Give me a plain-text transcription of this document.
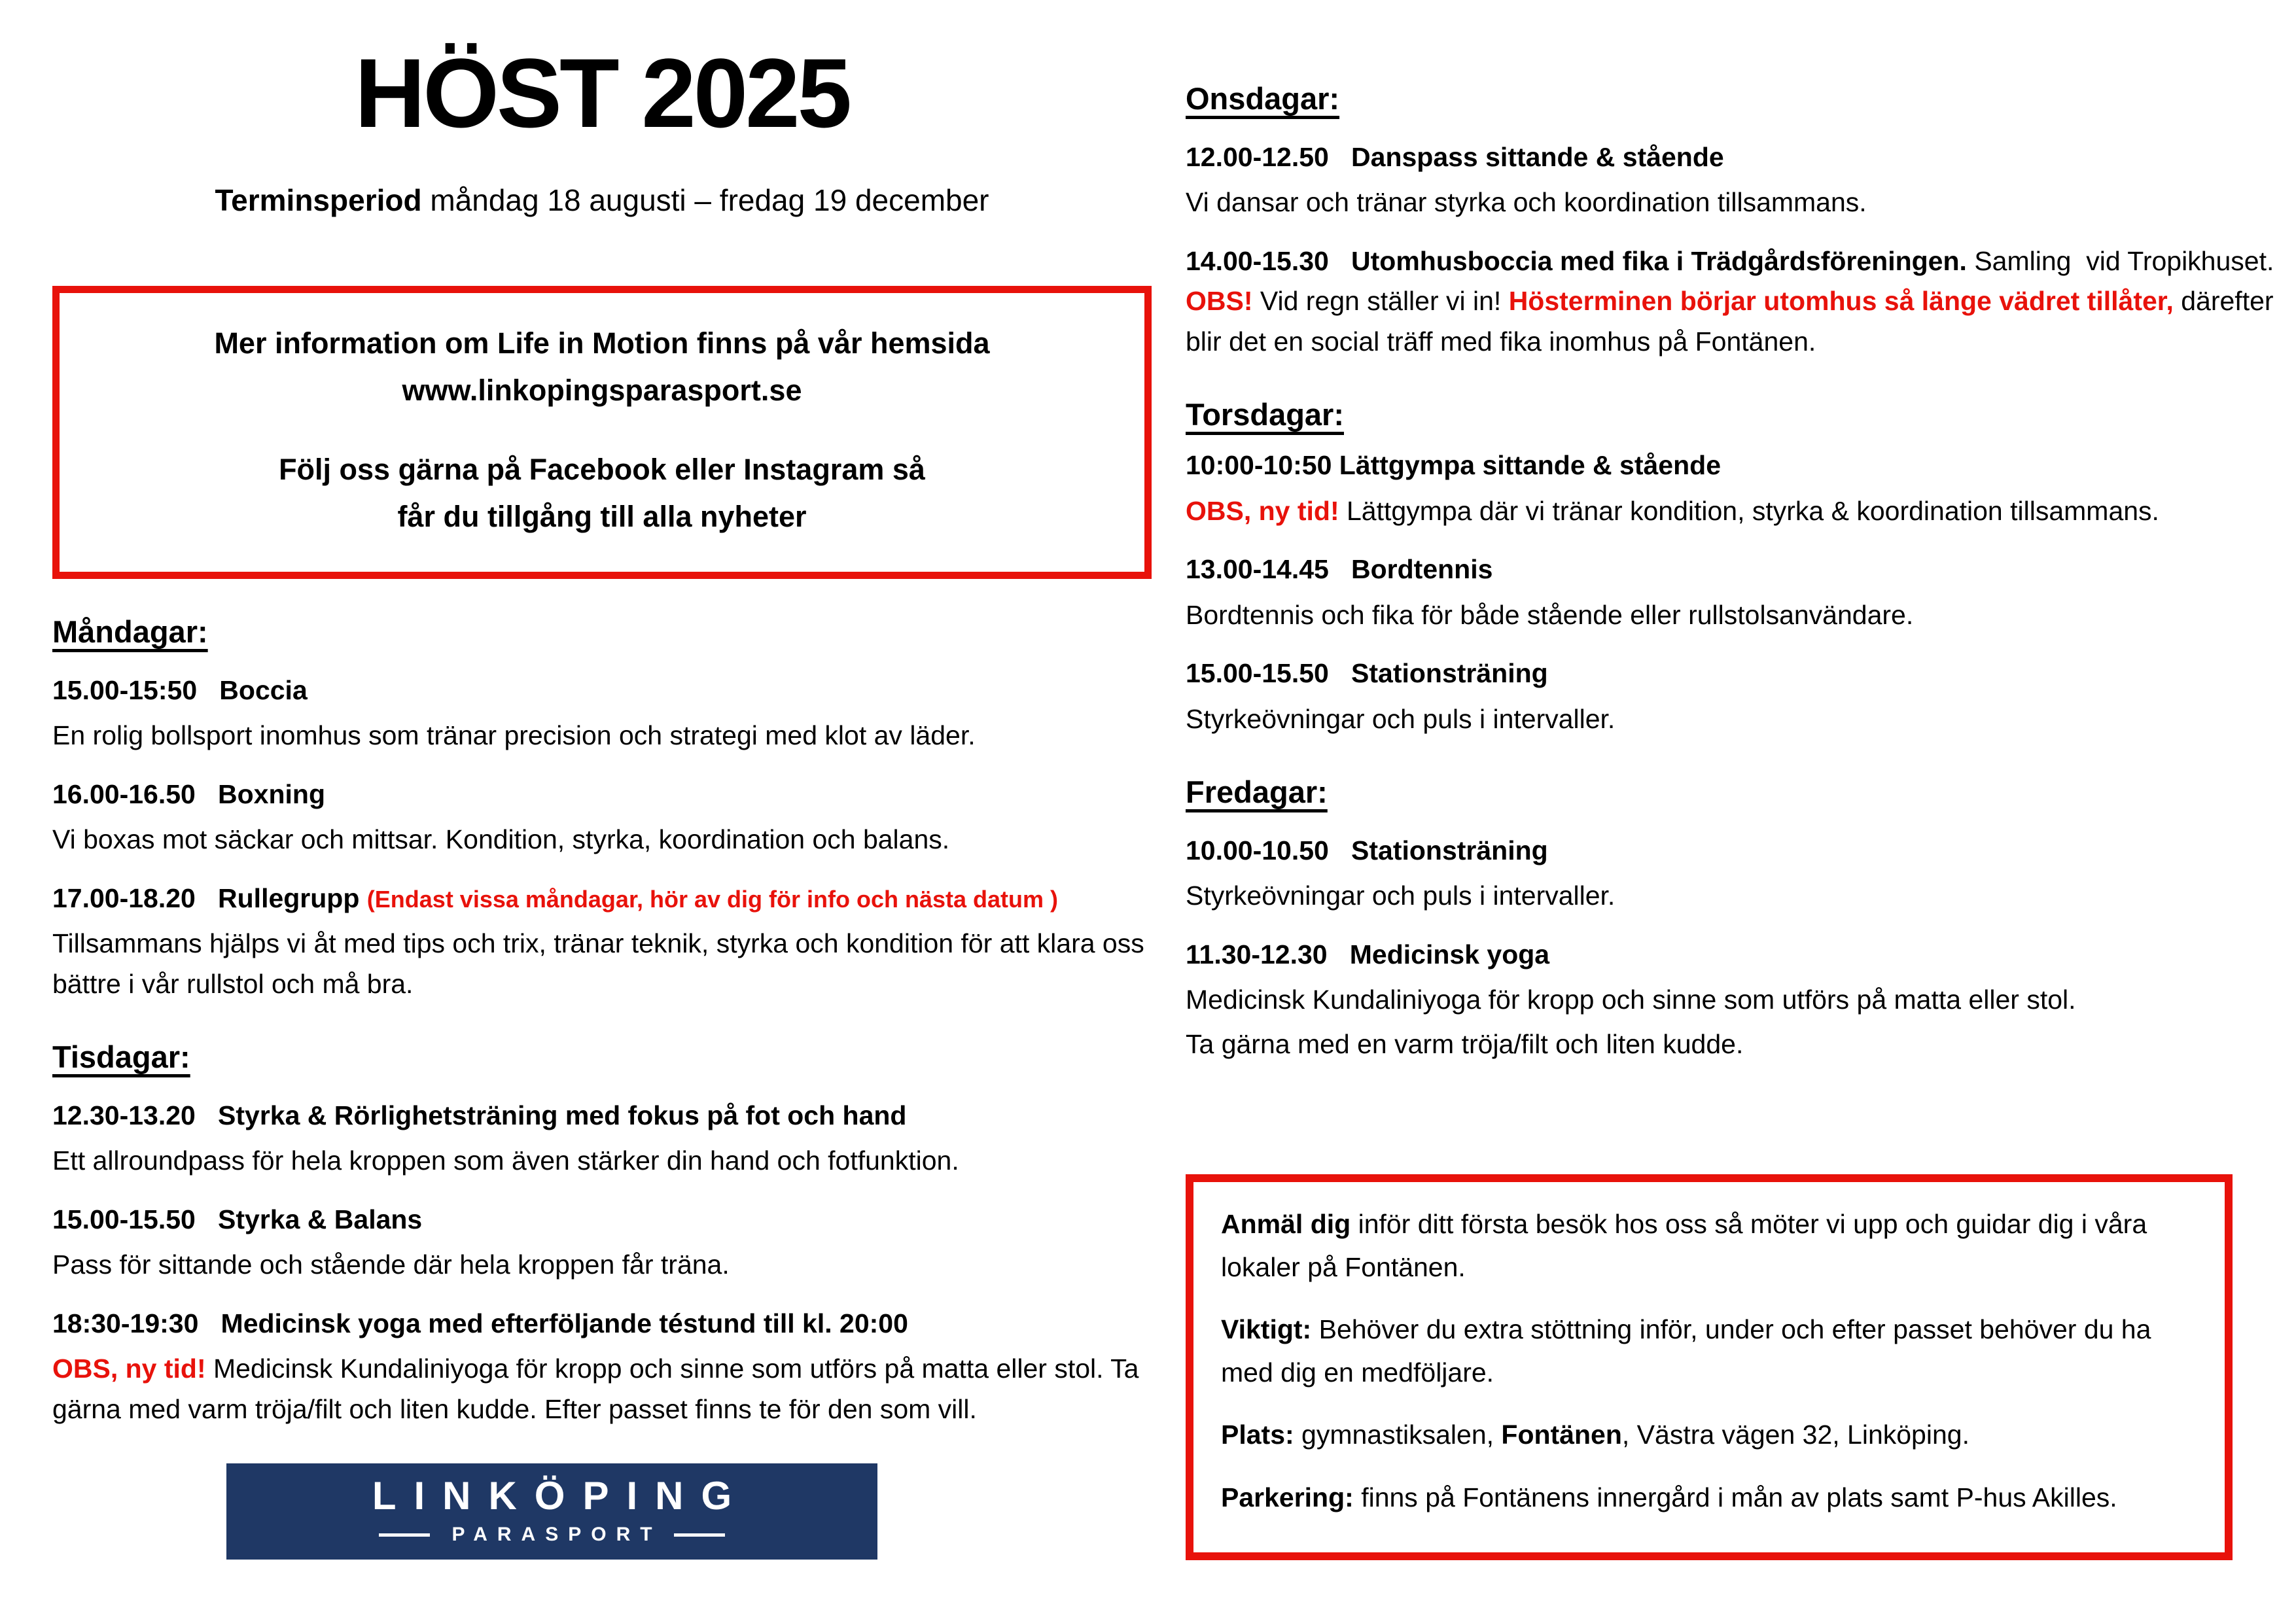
HÖST 2025

Terminsperiod måndag 18 augusti – fredag 19 december

Mer information om Life in Motion finns på vår hemsida

www.linkopingsparasport.se

Följ oss gärna på Facebook eller Instagram så

får du tillgång till alla nyheter

Måndagar:

15.00-15:50   Boccia

En rolig bollsport inomhus som tränar precision och strategi med klot av läder.

16.00-16.50   Boxning

Vi boxas mot säckar och mittsar. Kondition, styrka, koordination och balans.

17.00-18.20   Rullegrupp (Endast vissa måndagar, hör av dig för info och nästa datum )

Tillsammans hjälps vi åt med tips och trix, tränar teknik, styrka och kondition för att klara oss bättre i vår rullstol och må bra.

Tisdagar:

12.30-13.20   Styrka & Rörlighetsträning med fokus på fot och hand

Ett allroundpass för hela kroppen som även stärker din hand och fotfunktion.

15.00-15.50   Styrka & Balans

Pass för sittande och stående där hela kroppen får träna.

18:30-19:30   Medicinsk yoga med efterföljande téstund till kl. 20:00

OBS, ny tid! Medicinsk Kundaliniyoga för kropp och sinne som utförs på matta eller stol. Ta gärna med varm tröja/filt och liten kudde. Efter passet finns te för den som vill.

Onsdagar:

12.00-12.50   Danspass sittande & stående

Vi dansar och tränar styrka och koordination tillsammans.

14.00-15.30   Utomhusboccia med fika i Trädgårdsföreningen. Samling  vid Tropikhuset. OBS! Vid regn ställer vi in! Hösterminen börjar utomhus så länge vädret tillåter, därefter blir det en social träff med fika inomhus på Fontänen.

Torsdagar:

10:00-10:50 Lättgympa sittande & stående

OBS, ny tid! Lättgympa där vi tränar kondition, styrka & koordination tillsammans.

13.00-14.45   Bordtennis

Bordtennis och fika för både stående eller rullstolsanvändare.

15.00-15.50   Stationsträning

Styrkeövningar och puls i intervaller.

Fredagar:

10.00-10.50   Stationsträning

Styrkeövningar och puls i intervaller.

11.30-12.30   Medicinsk yoga

Medicinsk Kundaliniyoga för kropp och sinne som utförs på matta eller stol.

Ta gärna med en varm tröja/filt och liten kudde.

Anmäl dig inför ditt första besök hos oss så möter vi upp och guidar dig i våra lokaler på Fontänen.

Viktigt: Behöver du extra stöttning inför, under och efter passet behöver du ha med dig en medföljare.

Plats: gymnastiksalen, Fontänen, Västra vägen 32, Linköping.

Parkering: finns på Fontänens innergård i mån av plats samt P-hus Akilles.

LINKÖPING
PARASPORT
